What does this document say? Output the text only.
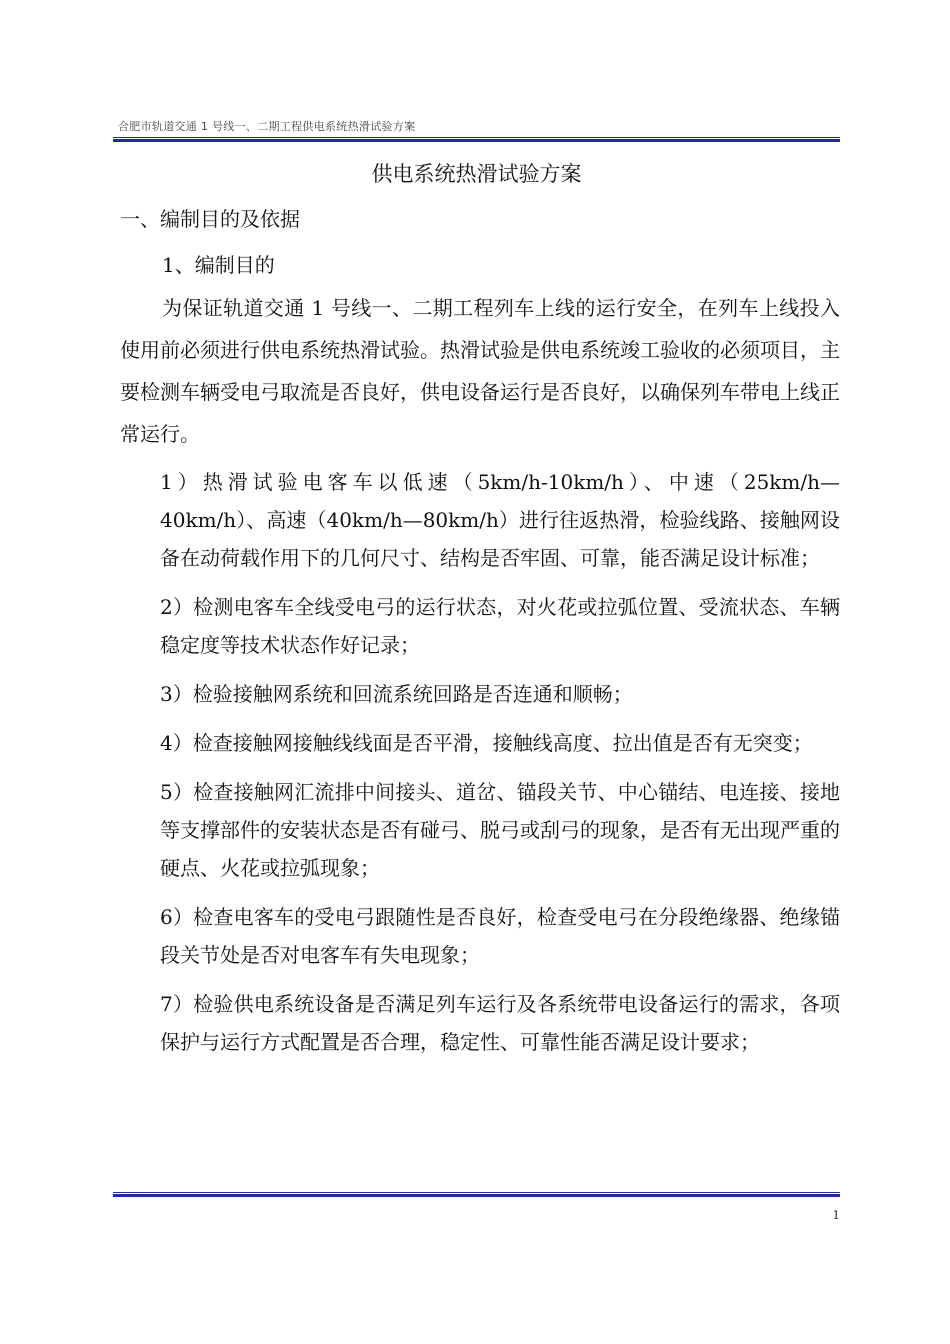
合肥市轨道交通 1 号线一、二期工程供电系统热滑试验方案
供电系统热滑试验方案
一、编制目的及依据
1、编制目的
为保证轨道交通 1 号线一、二期工程列车上线的运行安全，在列车上线投入使用前必须进行供电系统热滑试验。热滑试验是供电系统竣工验收的必须项目，主要检测车辆受电弓取流是否良好，供电设备运行是否良好，以确保列车带电上线正常运行。
1）热滑试验电客车以低速（5km/h-10km/h）、中速（25km/h—40km/h）、高速（40km/h—80km/h）进行往返热滑，检验线路、接触网设备在动荷载作用下的几何尺寸、结构是否牢固、可靠，能否满足设计标准；
2）检测电客车全线受电弓的运行状态，对火花或拉弧位置、受流状态、车辆稳定度等技术状态作好记录；
3）检验接触网系统和回流系统回路是否连通和顺畅；
4）检查接触网接触线线面是否平滑，接触线高度、拉出值是否有无突变；
5）检查接触网汇流排中间接头、道岔、锚段关节、中心锚结、电连接、接地等支撑部件的安装状态是否有碰弓、脱弓或刮弓的现象，是否有无出现严重的硬点、火花或拉弧现象；
6）检查电客车的受电弓跟随性是否良好，检查受电弓在分段绝缘器、绝缘锚段关节处是否对电客车有失电现象；
7）检验供电系统设备是否满足列车运行及各系统带电设备运行的需求，各项保护与运行方式配置是否合理，稳定性、可靠性能否满足设计要求；
1
